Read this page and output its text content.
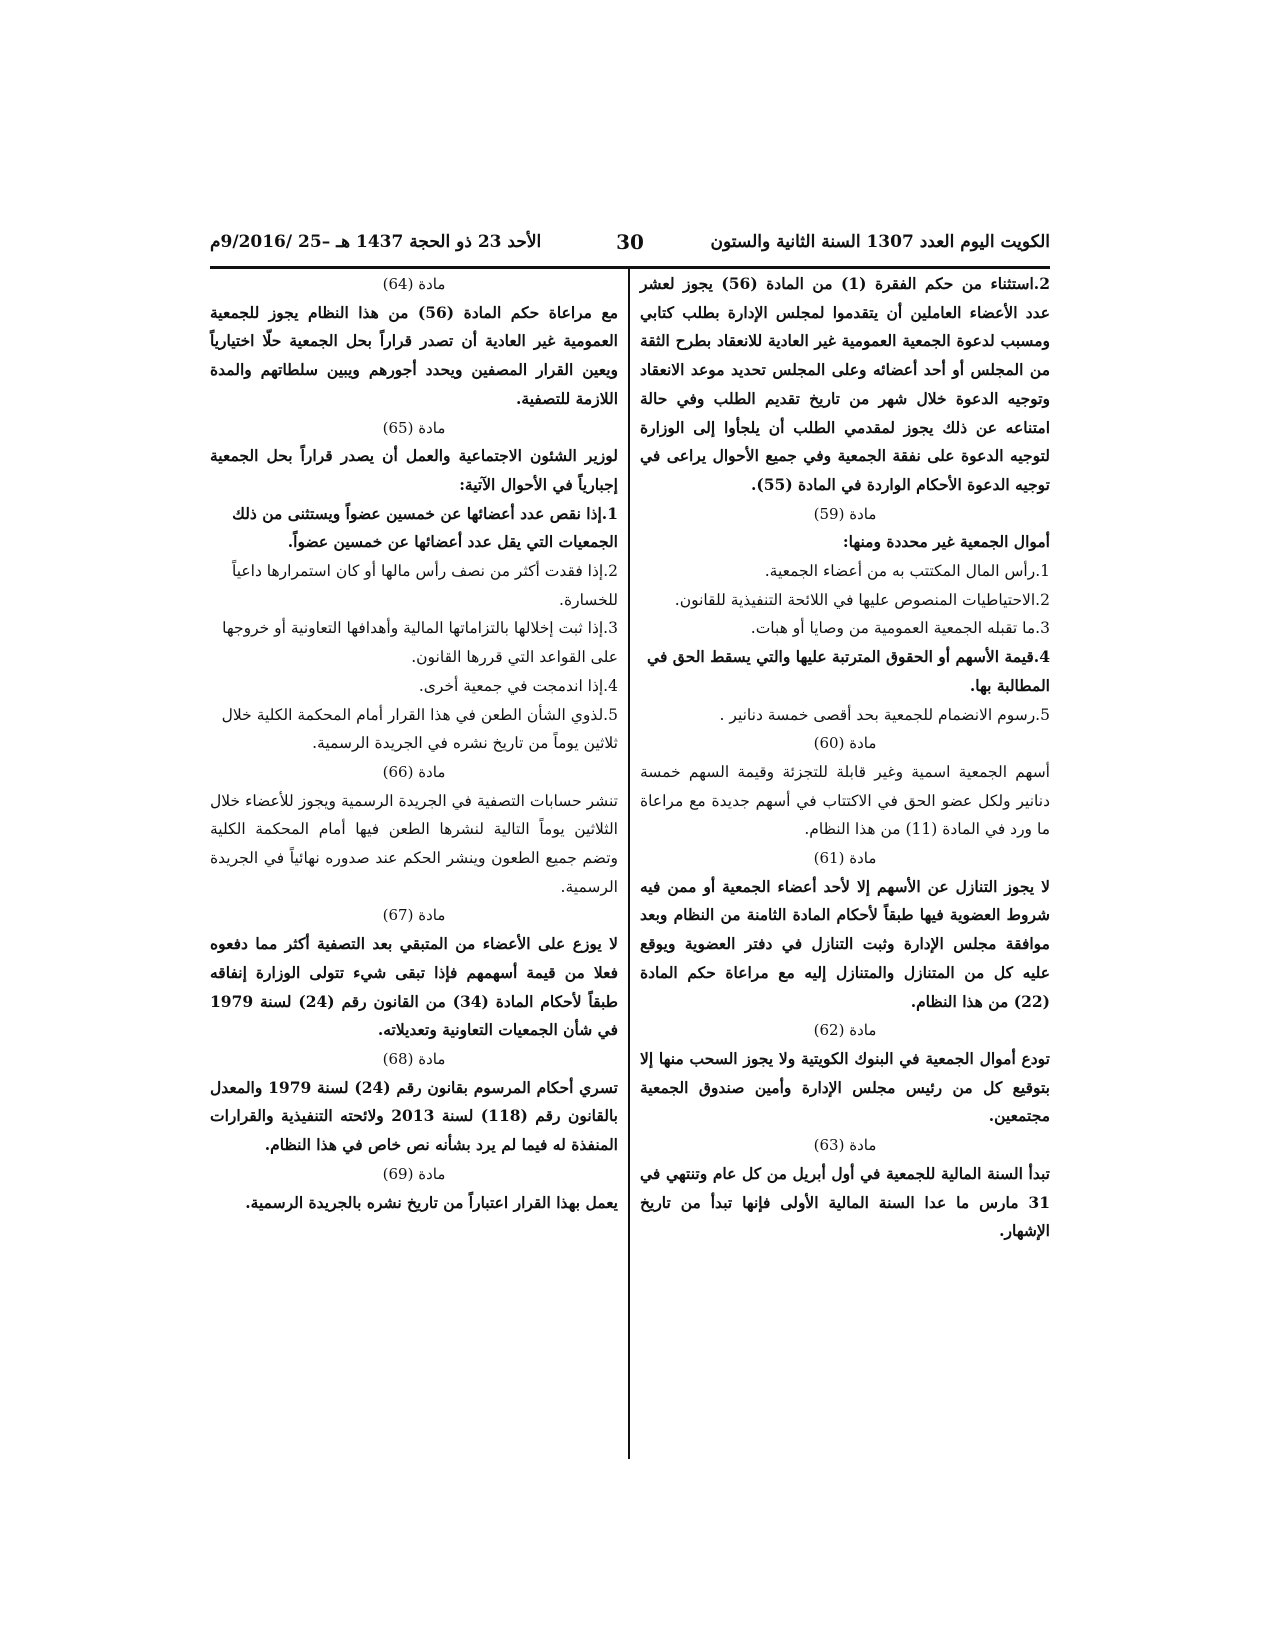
الكويت اليوم العدد 1307 السنة الثانية والستون
30
الأحد 23 ذو الحجة 1437 هـ –25 /9/2016م

2.استثناء من حكم الفقرة (1) من المادة (56) يجوز لعشر عدد الأعضاء العاملين أن يتقدموا لمجلس الإدارة بطلب كتابي ومسبب لدعوة الجمعية العمومية غير العادية للانعقاد بطرح الثقة من المجلس أو أحد أعضائه وعلى المجلس تحديد موعد الانعقاد وتوجيه الدعوة خلال شهر من تاريخ تقديم الطلب وفي حالة امتناعه عن ذلك يجوز لمقدمي الطلب أن يلجأوا إلى الوزارة لتوجيه الدعوة على نفقة الجمعية وفي جميع الأحوال يراعى في توجيه الدعوة الأحكام الواردة في المادة (55).

مادة (59)

أموال الجمعية غير محددة ومنها:

1.رأس المال المكتتب به من أعضاء الجمعية.

2.الاحتياطيات المنصوص عليها في اللائحة التنفيذية للقانون.

3.ما تقبله الجمعية العمومية من وصايا أو هبات.

4.قيمة الأسهم أو الحقوق المترتبة عليها والتي يسقط الحق في المطالبة بها.

5.رسوم الانضمام للجمعية بحد أقصى خمسة دنانير .

مادة (60)

أسهم الجمعية اسمية وغير قابلة للتجزئة وقيمة السهم خمسة دنانير ولكل عضو الحق في الاكتتاب في أسهم جديدة مع مراعاة ما ورد في المادة (11) من هذا النظام.

مادة (61)

لا يجوز التنازل عن الأسهم إلا لأحد أعضاء الجمعية أو ممن فيه شروط العضوية فيها طبقاً لأحكام المادة الثامنة من النظام وبعد موافقة مجلس الإدارة وثبت التنازل في دفتر العضوية ويوقع عليه كل من المتنازل والمتنازل إليه مع مراعاة حكم المادة (22) من هذا النظام.

مادة (62)

تودع أموال الجمعية في البنوك الكويتية ولا يجوز السحب منها إلا بتوقيع كل من رئيس مجلس الإدارة وأمين صندوق الجمعية مجتمعين.

مادة (63)

تبدأ السنة المالية للجمعية في أول أبريل من كل عام وتنتهي في 31 مارس ما عدا السنة المالية الأولى فإنها تبدأ من تاريخ الإشهار.

مادة (64)

مع مراعاة حكم المادة (56) من هذا النظام يجوز للجمعية العمومية غير العادية أن تصدر قراراً بحل الجمعية حلّا اختيارياً ويعين القرار المصفين ويحدد أجورهم ويبين سلطاتهم والمدة اللازمة للتصفية.

مادة (65)

لوزير الشئون الاجتماعية والعمل أن يصدر قراراً بحل الجمعية إجبارياً في الأحوال الآتية:

1.إذا نقص عدد أعضائها عن خمسين عضواً ويستثنى من ذلك الجمعيات التي يقل عدد أعضائها عن خمسين عضواً.

2.إذا فقدت أكثر من نصف رأس مالها أو كان استمرارها داعياً للخسارة.

3.إذا ثبت إخلالها بالتزاماتها المالية وأهدافها التعاونية أو خروجها على القواعد التي قررها القانون.

4.إذا اندمجت في جمعية أخرى.

5.لذوي الشأن الطعن في هذا القرار أمام المحكمة الكلية خلال ثلاثين يوماً من تاريخ نشره في الجريدة الرسمية.

مادة (66)

تنشر حسابات التصفية في الجريدة الرسمية ويجوز للأعضاء خلال الثلاثين يوماً التالية لنشرها الطعن فيها أمام المحكمة الكلية وتضم جميع الطعون وينشر الحكم عند صدوره نهائياً في الجريدة الرسمية.

مادة (67)

لا يوزع على الأعضاء من المتبقي بعد التصفية أكثر مما دفعوه فعلا من قيمة أسهمهم فإذا تبقى شيء تتولى الوزارة إنفاقه طبقاً لأحكام المادة (34) من القانون رقم (24) لسنة 1979 في شأن الجمعيات التعاونية وتعديلاته.

مادة (68)

تسري أحكام المرسوم بقانون رقم (24) لسنة 1979 والمعدل بالقانون رقم (118) لسنة 2013 ولائحته التنفيذية والقرارات المنفذة له فيما لم يرد بشأنه نص خاص في هذا النظام.

مادة (69)

يعمل بهذا القرار اعتباراً من تاريخ نشره بالجريدة الرسمية.
